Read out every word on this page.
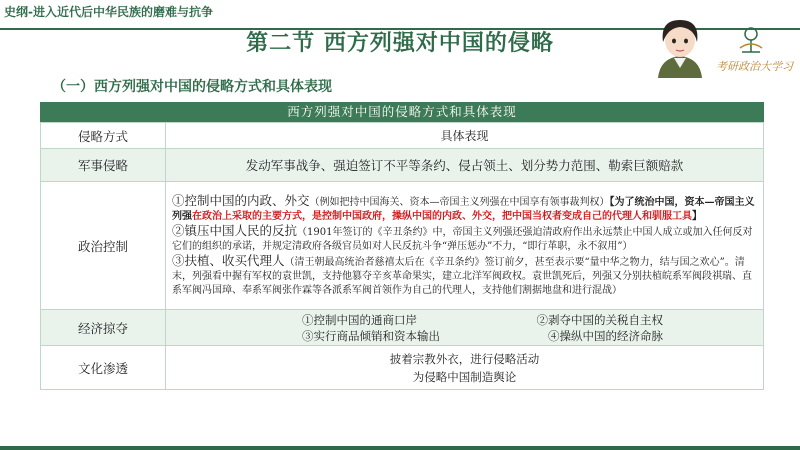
史纲-进入近代后中华民族的磨难与抗争
第二节 西方列强对中国的侵略
考研政治大学习
（一）西方列强对中国的侵略方式和具体表现
西方列强对中国的侵略方式和具体表现
侵略方式	具体表现
军事侵略	发动军事战争、强迫签订不平等条约、侵占领土、划分势力范围、勒索巨额赔款
政治控制	①控制中国的内政、外交（例如把持中国海关、资本—帝国主义列强在中国享有领事裁判权）【为了统治中国，资本—帝国主义列强在政治上采取的主要方式，是控制中国政府，操纵中国的内政、外交，把中国当权者变成自己的代理人和驯服工具】
②镇压中国人民的反抗（1901年签订的《辛丑条约》中，帝国主义列强还强迫清政府作出永远禁止中国人成立或加入任何反对它们的组织的承诺，并规定清政府各级官员如对人民反抗斗争“弹压惩办”不力，“即行革职，永不叙用”）
③扶植、收买代理人（清王朝最高统治者慈禧太后在《辛丑条约》签订前夕，甚至表示要“量中华之物力，结与国之欢心”。清末，列强看中握有军权的袁世凯，支持他篡夺辛亥革命果实，建立北洋军阀政权。袁世凯死后，列强又分别扶植皖系军阀段祺瑞、直系军阀冯国璋、奉系军阀张作霖等各派系军阀首领作为自己的代理人，支持他们割据地盘和进行混战）

经济掠夺	①控制中国的通商口岸 ②剥夺中国的关税自主权
③实行商品倾销和资本输出 ④操纵中国的经济命脉

文化渗透	披着宗教外衣，进行侵略活动
为侵略中国制造舆论
